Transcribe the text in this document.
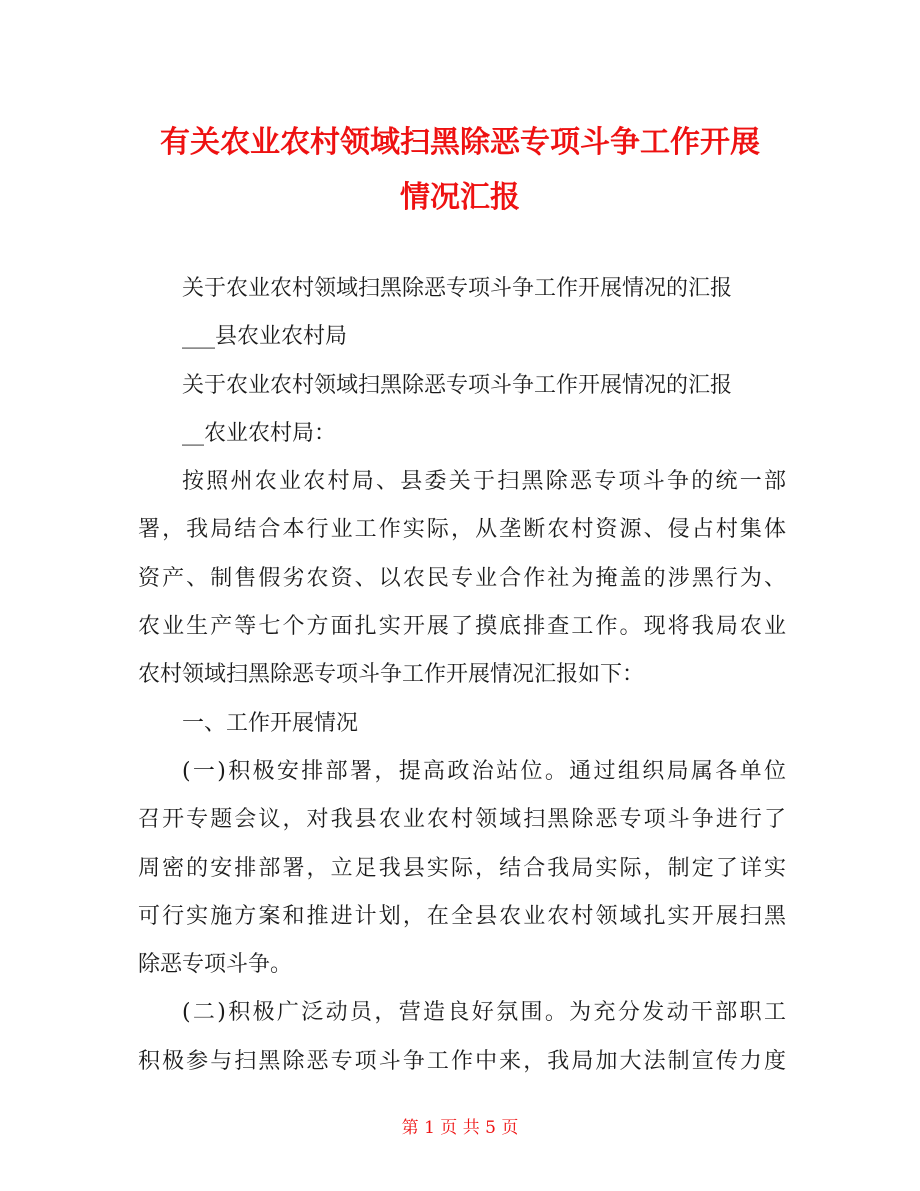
有关农业农村领域扫黑除恶专项斗争工作开展
情况汇报
关于农业农村领域扫黑除恶专项斗争工作开展情况的汇报
___县农业农村局
关于农业农村领域扫黑除恶专项斗争工作开展情况的汇报
__农业农村局：
按照州农业农村局、县委关于扫黑除恶专项斗争的统一部
署，我局结合本行业工作实际，从垄断农村资源、侵占村集体
资产、制售假劣农资、以农民专业合作社为掩盖的涉黑行为、
农业生产等七个方面扎实开展了摸底排查工作。现将我局农业
农村领域扫黑除恶专项斗争工作开展情况汇报如下：
一、工作开展情况
(一)积极安排部署，提高政治站位。通过组织局属各单位
召开专题会议，对我县农业农村领域扫黑除恶专项斗争进行了
周密的安排部署，立足我县实际，结合我局实际，制定了详实
可行实施方案和推进计划，在全县农业农村领域扎实开展扫黑
除恶专项斗争。
(二)积极广泛动员，营造良好氛围。为充分发动干部职工
积极参与扫黑除恶专项斗争工作中来，我局加大法制宣传力度
第 1 页 共 5 页
